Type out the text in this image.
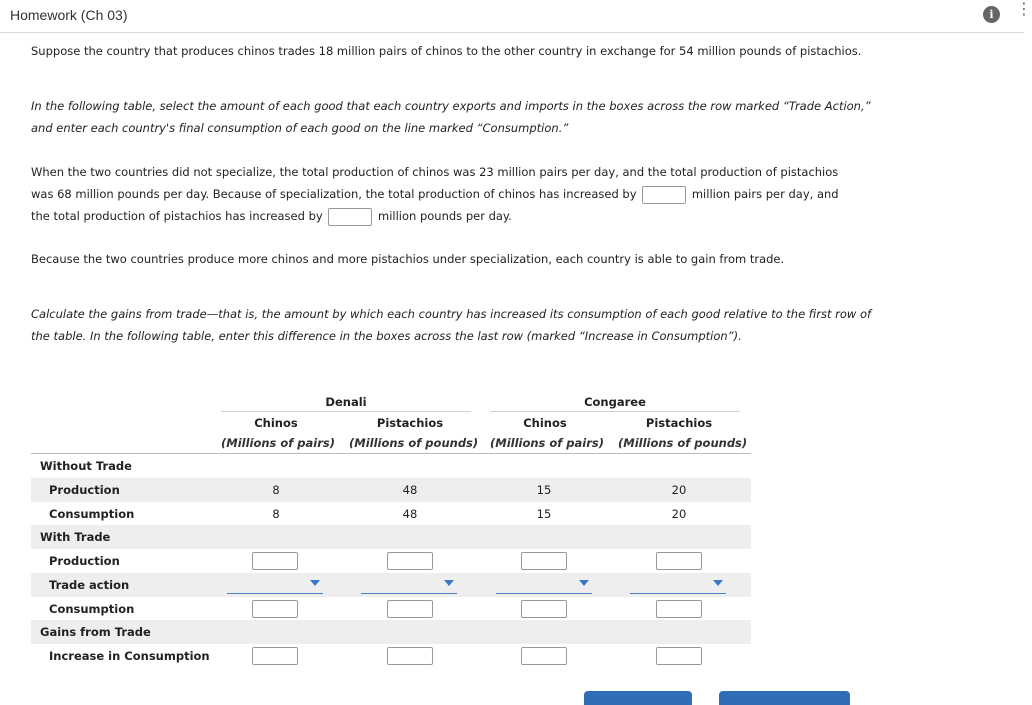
Homework (Ch 03)	i	⋮
Suppose the country that produces chinos trades 18 million pairs of chinos to the other country in exchange for 54 million pounds of pistachios.
In the following table, select the amount of each good that each country exports and imports in the boxes across the row marked “Trade Action,” and enter each country's final consumption of each good on the line marked “Consumption.”
When the two countries did not specialize, the total production of chinos was 23 million pairs per day, and the total production of pistachios was 68 million pounds per day. Because of specialization, the total production of chinos has increased by	million pairs per day, and the total production of pistachios has increased by	million pounds per day.
Because the two countries produce more chinos and more pistachios under specialization, each country is able to gain from trade.
Calculate the gains from trade—that is, the amount by which each country has increased its consumption of each good relative to the first row of the table. In the following table, enter this difference in the boxes across the last row (marked “Increase in Consumption”).
Denali	Congaree
Chinos	Pistachios	Chinos	Pistachios
(Millions of pairs) (Millions of pounds) (Millions of pairs) (Millions of pounds)
Without Trade
Production	8	48	15	20
Consumption	8	48	15	20
With Trade
Production
Trade action
Consumption
Gains from Trade
Increase in Consumption
